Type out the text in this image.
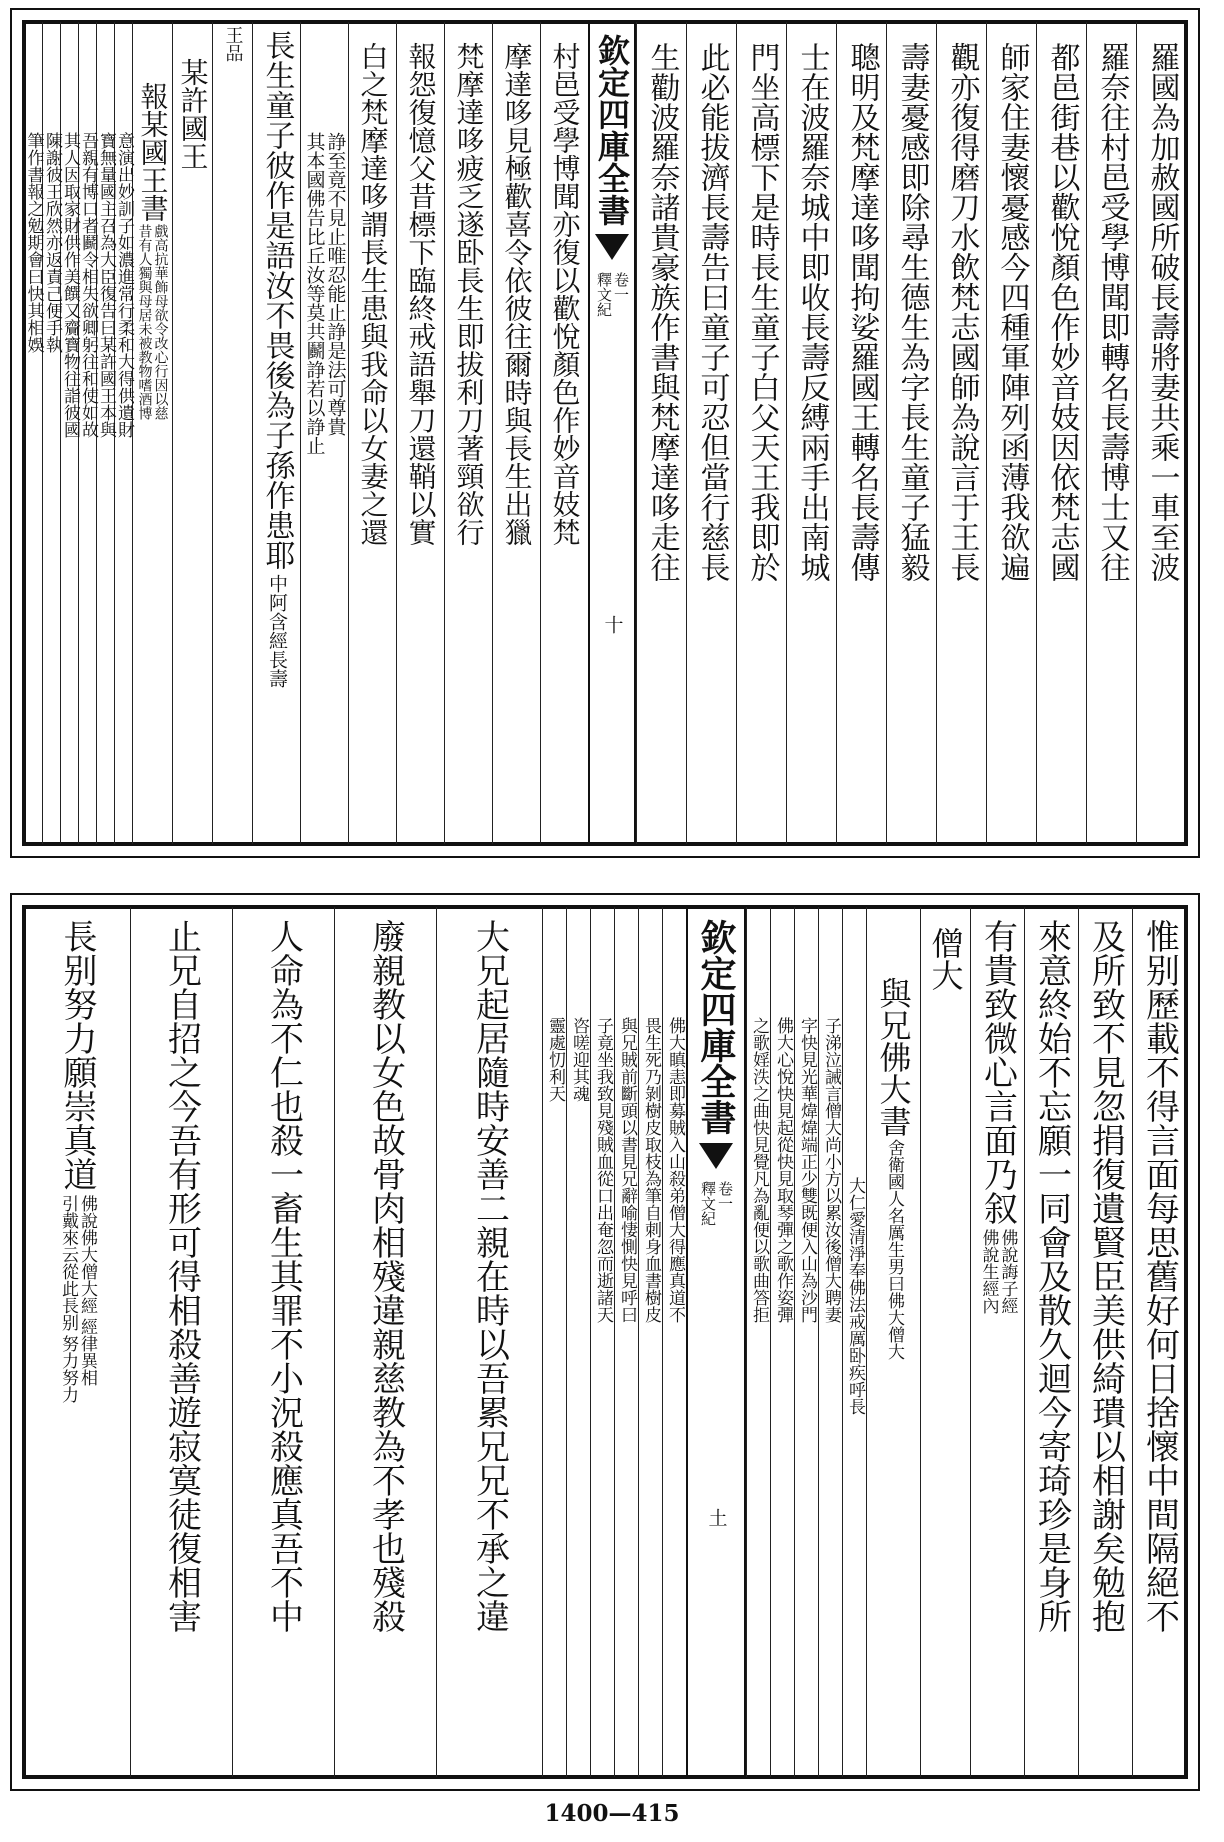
羅國為加赦國所破長壽將妻共乘一車至波
羅奈往村邑受學博聞即轉名長壽博士又往
都邑街巷以歡悅顏色作妙音妓因依梵志國
師家住妻懷憂感今四種軍陣列函薄我欲遍
觀亦復得磨刀水飲梵志國師為說言于王長
壽妻憂感即除尋生德生為字長生童子猛毅
聰明及梵摩達哆聞拘娑羅國王轉名長壽傳
士在波羅奈城中即收長壽反縛兩手出南城
門坐高標下是時長生童子白父天王我即於
此必能拔濟長壽告曰童子可忍但當行慈長
生勸波羅奈諸貴豪族作書與梵摩達哆走往
欽定四庫全書
卷一
釋文紀
十
村邑受學博聞亦復以歡悅顏色作妙音妓梵
摩達哆見極歡喜令依彼往爾時與長生出獵
梵摩達哆疲乏遂卧長生即拔利刀著頸欲行
報怨復憶父昔標下臨終戒語舉刀還鞘以實
白之梵摩達哆謂長生患與我命以女妻之還
其本國佛告比丘汝等莫共鬬諍若以諍止 諍至竟不見止唯忍能止諍是法可尊貴
長生童子彼作是語汝不畏後為子孫作患耶
中阿含經長壽
王品
某許國王
報某國王書
昔有人獨與母居未被教物嗜酒博 戲高抗華飾母欲令改心行因以慈
意演出妙訓子如濃進常行柔和大得供遺財
寶無量國主召為大臣復告曰某許國王本與
吾親有博口者鬬令相失欲卿躬往和使如故
其人因取家財供作美饌又齎寶物往詣彼國
陳謝彼王欣然亦返責己便手執
筆作書報之勉期會曰快其相娛
惟别歷載不得言面每思舊好何日捨懷中間隔絕不
及所致不見忽捐復遺賢臣美供綺璝以相謝矣勉抱
來意終始不忘願一同會及散久迴今寄琦珍是身所
有貴致微心言面乃叙
佛說生經內 佛說誨子經
僧大
與兄佛大書
舍衛國人名厲生男曰佛大僧大
大仁愛清淨奉佛法戒厲卧疾呼長
子涕泣誡言僧大尚小方以累汝後僧大聘妻
字快見光華煒煒端正少雙既便入山為沙門
佛大心悅快見起從快見取琴彈之歌作姿彈
之歌婬泆之曲快見覺凡為亂便以歌曲答拒
欽定四庫全書
卷一
釋文紀
土
佛大瞋恚即募賊入山殺弟僧大得應真道不
畏生死乃剝樹皮取枝為筆自刺身血書樹皮
與兄賊前斷頭以書見兄辭喻悽惻快見呼曰
子竟坐我致見殘賊血從口出奄忽而逝諸天
咨嗟迎其魂
靈處忉利天
大兄起居隨時安善二親在時以吾累兄兄不承之違
廢親教以女色故骨肉相殘違親慈教為不孝也殘殺
人命為不仁也殺一畜生其罪不小況殺應真吾不中
止兄自招之今吾有形可得相殺善遊寂寞徒復相害
長别努力願崇真道
佛說佛大僧大經
經律異相
引戴來云從此長别
努力努力
1400—415
